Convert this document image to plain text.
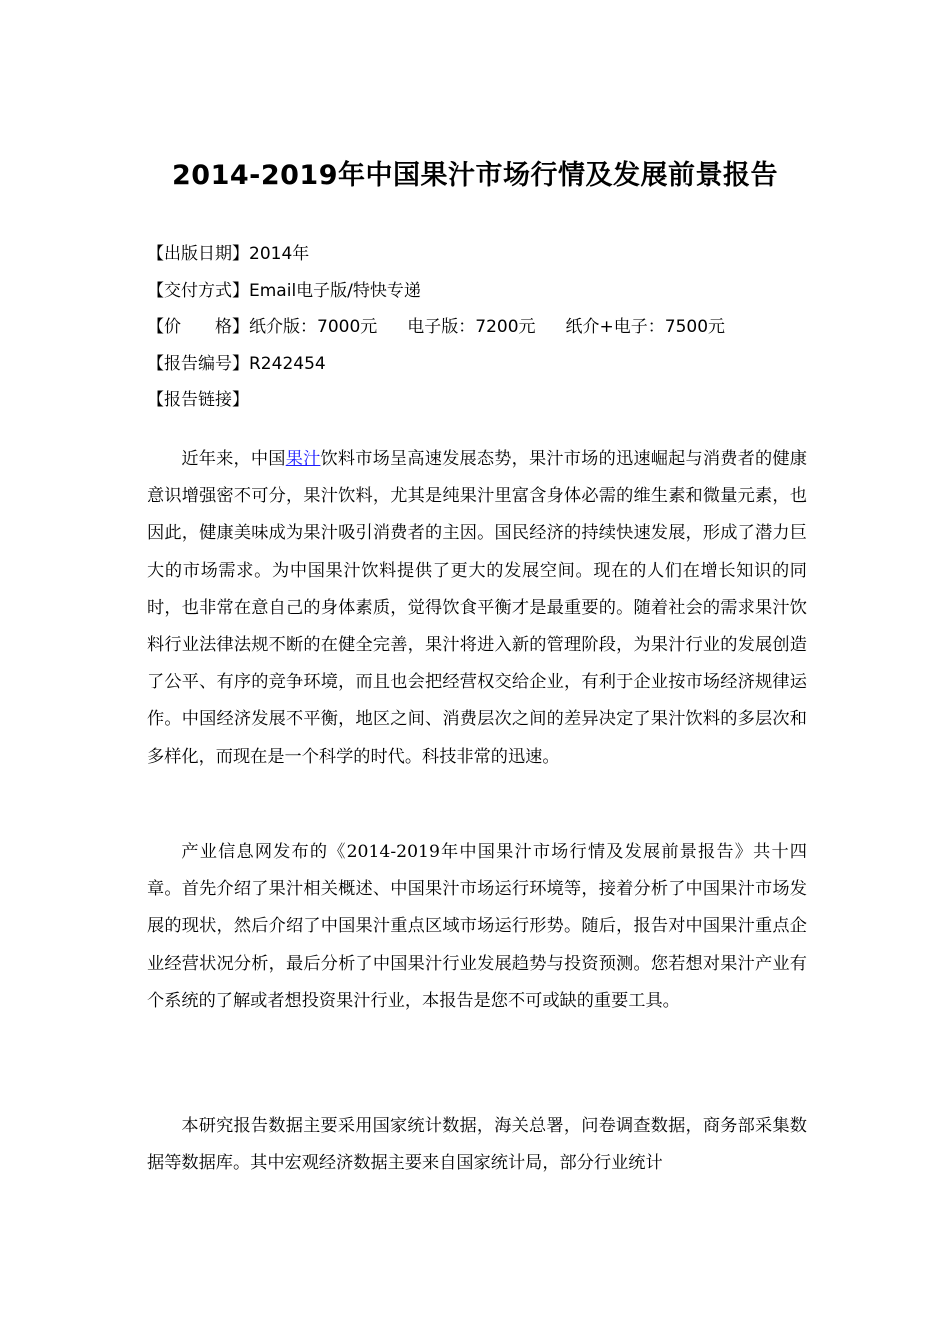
2014-2019年中国果汁市场行情及发展前景报告
【出版日期】2014年
【交付方式】Email电子版/特快专递
【价　　格】纸介版：7000元 电子版：7200元 纸介+电子：7500元
【报告编号】R242454
【报告链接】

近年来，中国果汁饮料市场呈高速发展态势，果汁市场的迅速崛起与消费者的健康意识增强密不可分，果汁饮料，尤其是纯果汁里富含身体必需的维生素和微量元素，也因此，健康美味成为果汁吸引消费者的主因。国民经济的持续快速发展，形成了潜力巨大的市场需求。为中国果汁饮料提供了更大的发展空间。现在的人们在增长知识的同时，也非常在意自己的身体素质，觉得饮食平衡才是最重要的。随着社会的需求果汁饮料行业法律法规不断的在健全完善，果汁将进入新的管理阶段，为果汁行业的发展创造了公平、有序的竞争环境，而且也会把经营权交给企业，有利于企业按市场经济规律运作。中国经济发展不平衡，地区之间、消费层次之间的差异决定了果汁饮料的多层次和多样化，而现在是一个科学的时代。科技非常的迅速。

产业信息网发布的《2014-2019年中国果汁市场行情及发展前景报告》共十四章。首先介绍了果汁相关概述、中国果汁市场运行环境等，接着分析了中国果汁市场发展的现状，然后介绍了中国果汁重点区域市场运行形势。随后，报告对中国果汁重点企业经营状况分析，最后分析了中国果汁行业发展趋势与投资预测。您若想对果汁产业有个系统的了解或者想投资果汁行业，本报告是您不可或缺的重要工具。

本研究报告数据主要采用国家统计数据，海关总署，问卷调查数据，商务部采集数据等数据库。其中宏观经济数据主要来自国家统计局，部分行业统计
